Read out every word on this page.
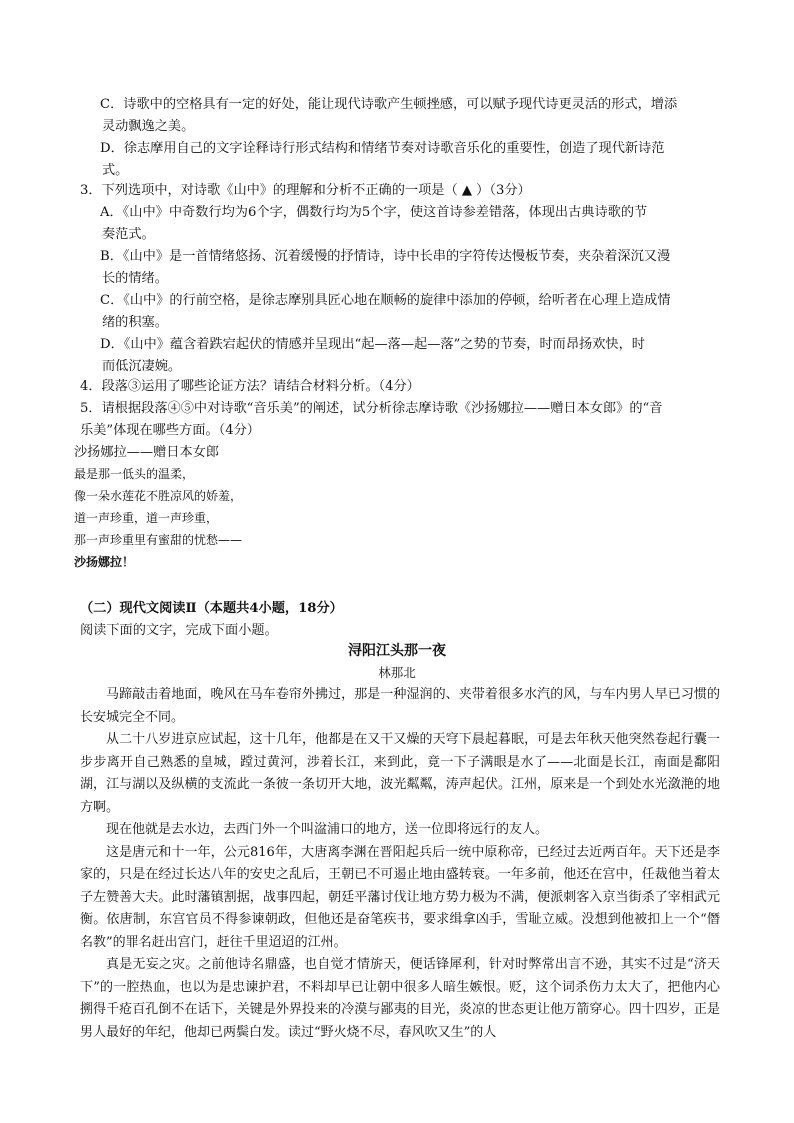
C．诗歌中的空格具有一定的好处，能让现代诗歌产生顿挫感，可以赋予现代诗更灵活的形式，增添

灵动飘逸之美。

D．徐志摩用自己的文字诠释诗行形式结构和情绪节奏对诗歌音乐化的重要性，创造了现代新诗范

式。

3．下列选项中，对诗歌《山中》的理解和分析不正确的一项是（ ▲ ）（3分）

A．《山中》中奇数行均为6个字，偶数行均为5个字，使这首诗参差错落，体现出古典诗歌的节

奏范式。

B．《山中》是一首情绪悠扬、沉着缓慢的抒情诗，诗中长串的字符传达慢板节奏，夹杂着深沉又漫

长的情绪。

C．《山中》的行前空格，是徐志摩别具匠心地在顺畅的旋律中添加的停顿，给听者在心理上造成情

绪的积塞。

D．《山中》蕴含着跌宕起伏的情感并呈现出“起—落—起—落”之势的节奏，时而昂扬欢快，时

而低沉凄婉。

4．段落③运用了哪些论证方法？请结合材料分析。（4分）

5．请根据段落④⑤中对诗歌“音乐美”的阐述，试分析徐志摩诗歌《沙扬娜拉——赠日本女郎》的“音

乐美”体现在哪些方面。（4分）

沙扬娜拉——赠日本女郎

最是那一低头的温柔，

像一朵水莲花不胜凉风的娇羞，

道一声珍重，道一声珍重，

那一声珍重里有蜜甜的忧愁——

沙扬娜拉！

（二）现代文阅读Ⅱ（本题共4小题，18分）

阅读下面的文字，完成下面小题。

浔阳江头那一夜

林那北

马蹄敲击着地面，晚风在马车卷帘外拂过，那是一种湿润的、夹带着很多水汽的风，与车内男人早已习惯的长安城完全不同。
从二十八岁进京应试起，这十几年，他都是在又干又燥的天穹下晨起暮眠，可是去年秋天他突然卷起行囊一步步离开自己熟悉的皇城，蹚过黄河，涉着长江，来到此，竟一下子满眼是水了——北面是长江，南面是鄱阳湖，江与湖以及纵横的支流此一条彼一条切开大地，波光粼粼，涛声起伏。江州，原来是一个到处水光潋滟的地方啊。
现在他就是去水边，去西门外一个叫湓浦口的地方，送一位即将远行的友人。
这是唐元和十一年，公元816年，大唐离李渊在晋阳起兵后一统中原称帝，已经过去近两百年。天下还是李家的，只是在经过长达八年的安史之乱后，王朝已不可遏止地由盛转衰。一年多前，他还在宫中，任裁他当着太子左赞善大夫。此时藩镇割据，战事四起，朝廷平藩讨伐让地方势力极为不满，便派刺客入京当街杀了宰相武元衡。依唐制，东宫官员不得参谏朝政，但他还是奋笔疾书，要求缉拿凶手，雪耻立威。没想到他被扣上一个“僭名教”的罪名赶出宫门，赶往千里迢迢的江州。
真是无妄之灾。之前他诗名鼎盛，也自觉才情旂天，便话锋犀利，针对时弊常出言不逊，其实不过是“济天下”的一腔热血，也以为是忠谏护君，不料却早已让朝中很多人暗生嫉恨。贬，这个词杀伤力太大了，把他内心搠得千疮百孔倒不在话下，关键是外界投来的冷漠与鄙夷的目光，炎凉的世态更让他万箭穿心。四十四岁，正是男人最好的年纪，他却已两鬓白发。读过“野火烧不尽，春风吹又生”的人
